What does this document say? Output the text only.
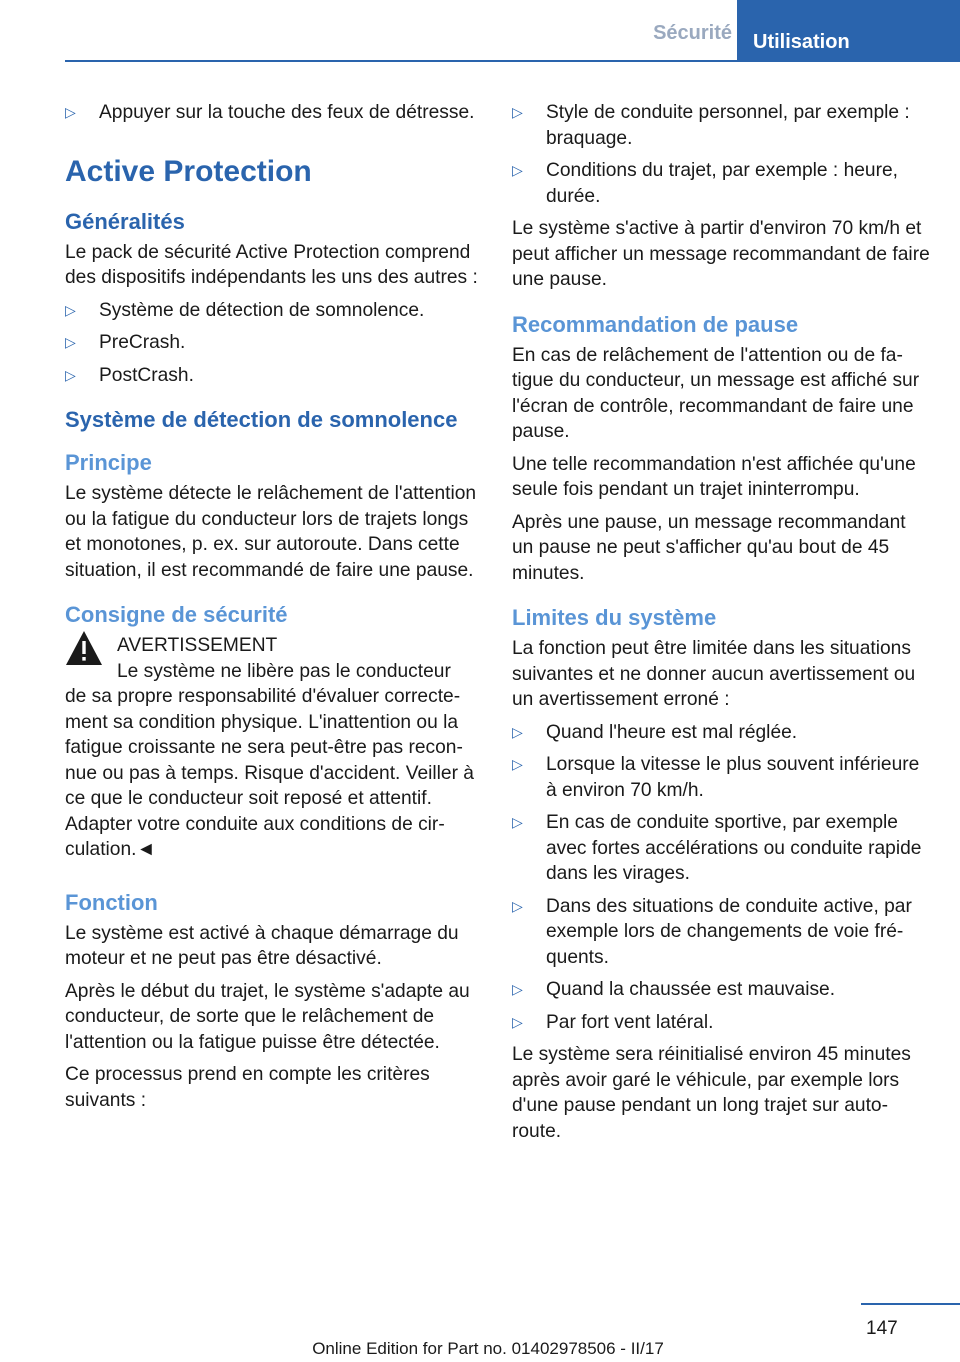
Sécurité	Utilisation
▷ Appuyer sur la touche des feux de détresse.
Active Protection
Généralités
Le pack de sécurité Active Protection comprend des dispositifs indépendants les uns des autres :
▷ Système de détection de somnolence.
▷ PreCrash.
▷ PostCrash.
Système de détection de somnolence
Principe
Le système détecte le relâchement de l'attention ou la fatigue du conducteur lors de trajets longs et monotones, p. ex. sur autoroute. Dans cette situation, il est recommandé de faire une pause.
Consigne de sécurité
AVERTISSEMENT
Le système ne libère pas le conducteur
de sa propre responsabilité d'évaluer correctement sa condition physique. L'inattention ou la fatigue croissante ne sera peut-être pas reconnue ou pas à temps. Risque d'accident. Veiller à ce que le conducteur soit reposé et attentif. Adapter votre conduite aux conditions de circulation.◄
Fonction
Le système est activé à chaque démarrage du moteur et ne peut pas être désactivé.
Après le début du trajet, le système s'adapte au conducteur, de sorte que le relâchement de l'attention ou la fatigue puisse être détectée.
Ce processus prend en compte les critères suivants :
▷ Style de conduite personnel, par exemple : braquage.
▷ Conditions du trajet, par exemple : heure, durée.
Le système s'active à partir d'environ 70 km/h et peut afficher un message recommandant de faire une pause.
Recommandation de pause
En cas de relâchement de l'attention ou de fatigue du conducteur, un message est affiché sur l'écran de contrôle, recommandant de faire une pause.
Une telle recommandation n'est affichée qu'une seule fois pendant un trajet ininterrompu.
Après une pause, un message recommandant un pause ne peut s'afficher qu'au bout de 45 minutes.
Limites du système
La fonction peut être limitée dans les situations suivantes et ne donner aucun avertissement ou un avertissement erroné :
▷ Quand l'heure est mal réglée.
▷ Lorsque la vitesse le plus souvent inférieure à environ 70 km/h.
▷ En cas de conduite sportive, par exemple avec fortes accélérations ou conduite rapide dans les virages.
▷ Dans des situations de conduite active, par exemple lors de changements de voie fréquents.
▷ Quand la chaussée est mauvaise.
▷ Par fort vent latéral.
Le système sera réinitialisé environ 45 minutes après avoir garé le véhicule, par exemple lors d'une pause pendant un long trajet sur autoroute.
147
Online Edition for Part no. 01402978506 - II/17
